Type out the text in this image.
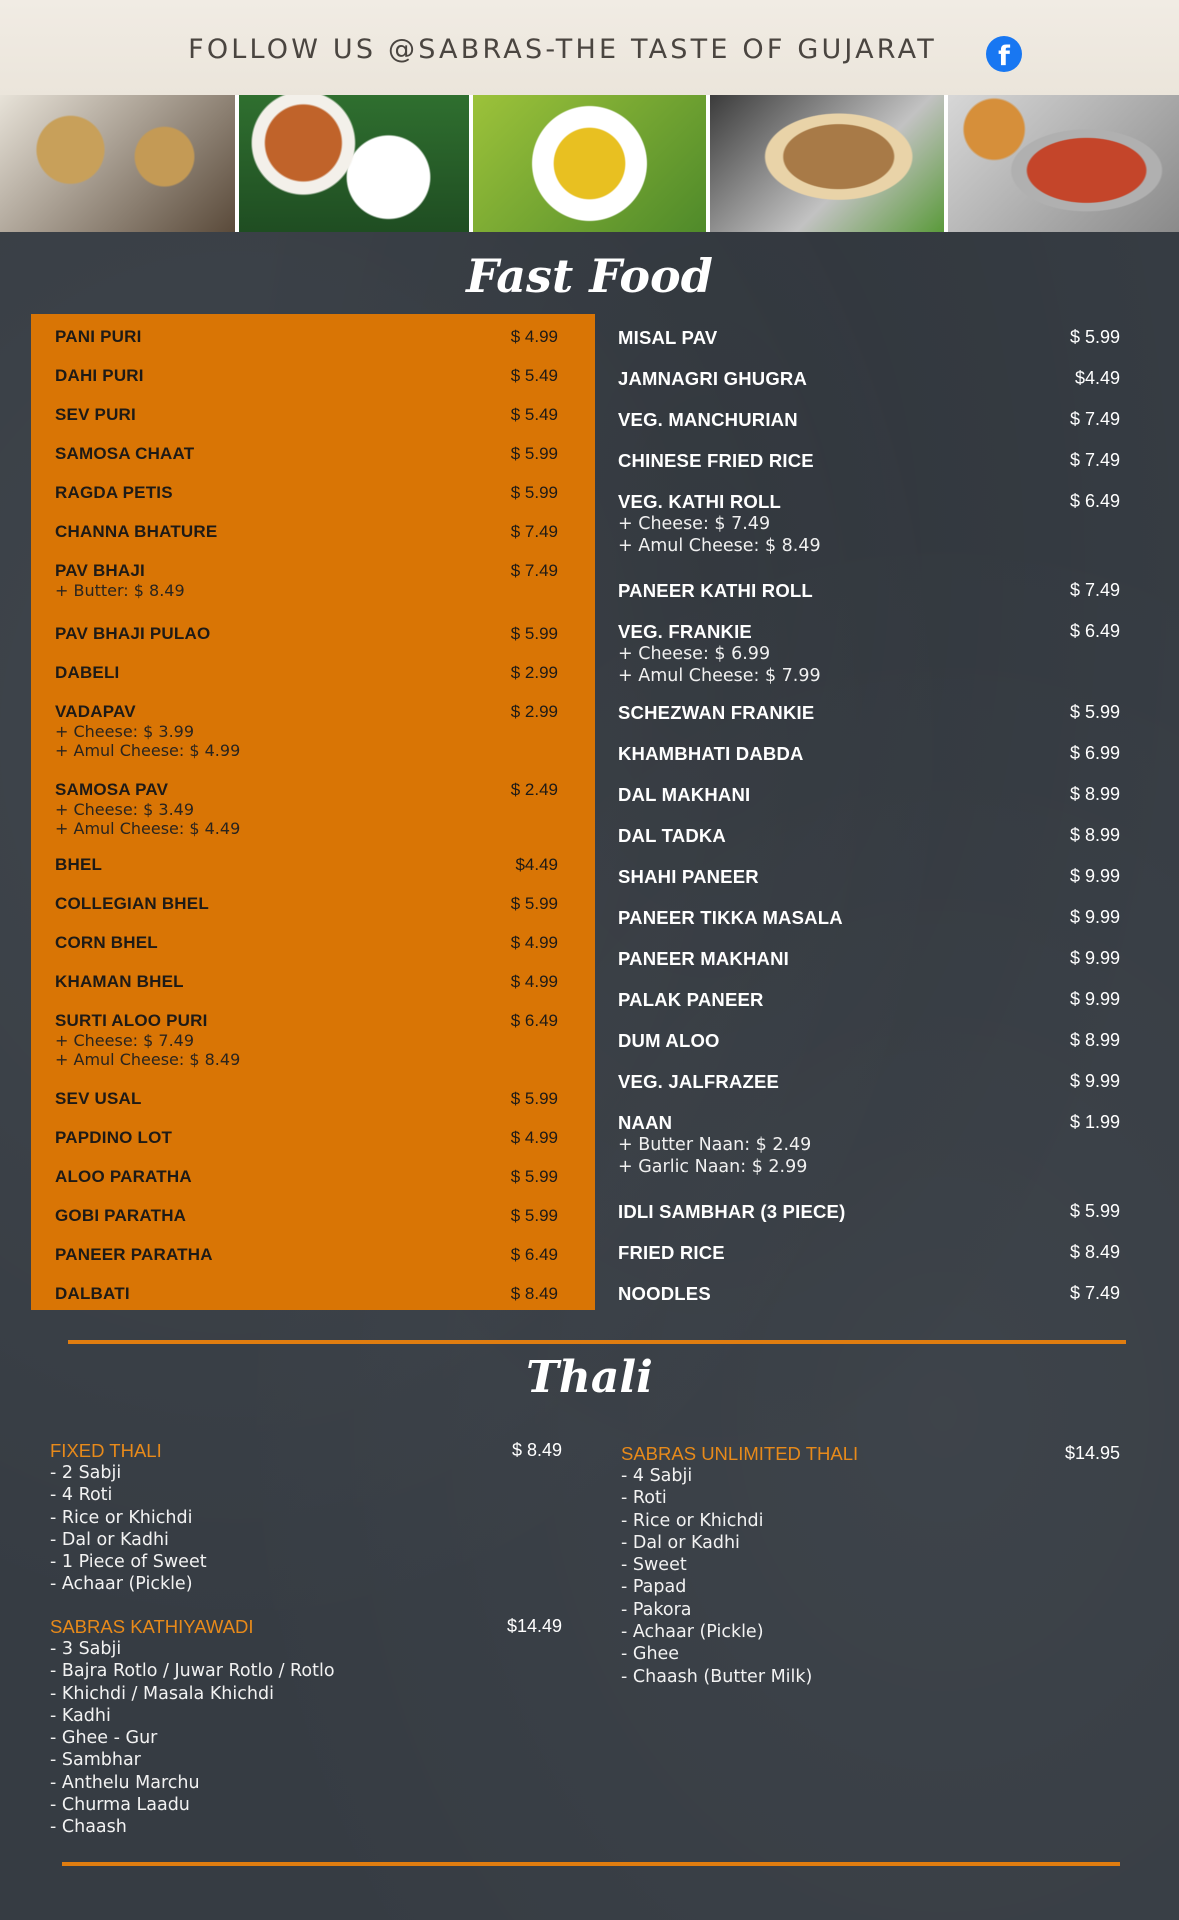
FOLLOW US @SABRAS-THE TASTE OF GUJARAT	f
Fast Food
PANI PURI	$ 4.99
DAHI PURI	$ 5.49
SEV PURI	$ 5.49
SAMOSA CHAAT	$ 5.99
RAGDA PETIS	$ 5.99
CHANNA BHATURE	$ 7.49
PAV BHAJI	$ 7.49
+ Butter: $ 8.49
PAV BHAJI PULAO	$ 5.99
DABELI	$ 2.99
VADAPAV	$ 2.99
+ Cheese: $ 3.99
+ Amul Cheese: $ 4.99
SAMOSA PAV	$ 2.49
+ Cheese: $ 3.49
+ Amul Cheese: $ 4.49
BHEL	$4.49
COLLEGIAN BHEL	$ 5.99
CORN BHEL	$ 4.99
KHAMAN BHEL	$ 4.99
SURTI ALOO PURI	$ 6.49
+ Cheese: $ 7.49
+ Amul Cheese: $ 8.49
SEV USAL	$ 5.99
PAPDINO LOT	$ 4.99
ALOO PARATHA	$ 5.99
GOBI PARATHA	$ 5.99
PANEER PARATHA	$ 6.49
DALBATI	$ 8.49
MISAL PAV	$ 5.99
JAMNAGRI GHUGRA	$4.49
VEG. MANCHURIAN	$ 7.49
CHINESE FRIED RICE	$ 7.49
VEG. KATHI ROLL	$ 6.49
+ Cheese: $ 7.49
+ Amul Cheese: $ 8.49
PANEER KATHI ROLL	$ 7.49
VEG. FRANKIE	$ 6.49
+ Cheese: $ 6.99
+ Amul Cheese: $ 7.99
SCHEZWAN FRANKIE	$ 5.99
KHAMBHATI DABDA	$ 6.99
DAL MAKHANI	$ 8.99
DAL TADKA	$ 8.99
SHAHI PANEER	$ 9.99
PANEER TIKKA MASALA	$ 9.99
PANEER MAKHANI	$ 9.99
PALAK PANEER	$ 9.99
DUM ALOO	$ 8.99
VEG. JALFRAZEE	$ 9.99
NAAN	$ 1.99
+ Butter Naan: $ 2.49
+ Garlic Naan: $ 2.99
IDLI SAMBHAR (3 PIECE)	$ 5.99
FRIED RICE	$ 8.49
NOODLES	$ 7.49
Thali
FIXED THALI	$ 8.49
- 2 Sabji
- 4 Roti
- Rice or Khichdi
- Dal or Kadhi
- 1 Piece of Sweet
- Achaar (Pickle)
SABRAS KATHIYAWADI	$14.49
- 3 Sabji
- Bajra Rotlo / Juwar Rotlo / Rotlo
- Khichdi / Masala Khichdi
- Kadhi
- Ghee - Gur
- Sambhar
- Anthelu Marchu
- Churma Laadu
- Chaash
SABRAS UNLIMITED THALI	$14.95
- 4 Sabji
- Roti
- Rice or Khichdi
- Dal or Kadhi
- Sweet
- Papad
- Pakora
- Achaar (Pickle)
- Ghee
- Chaash (Butter Milk)
